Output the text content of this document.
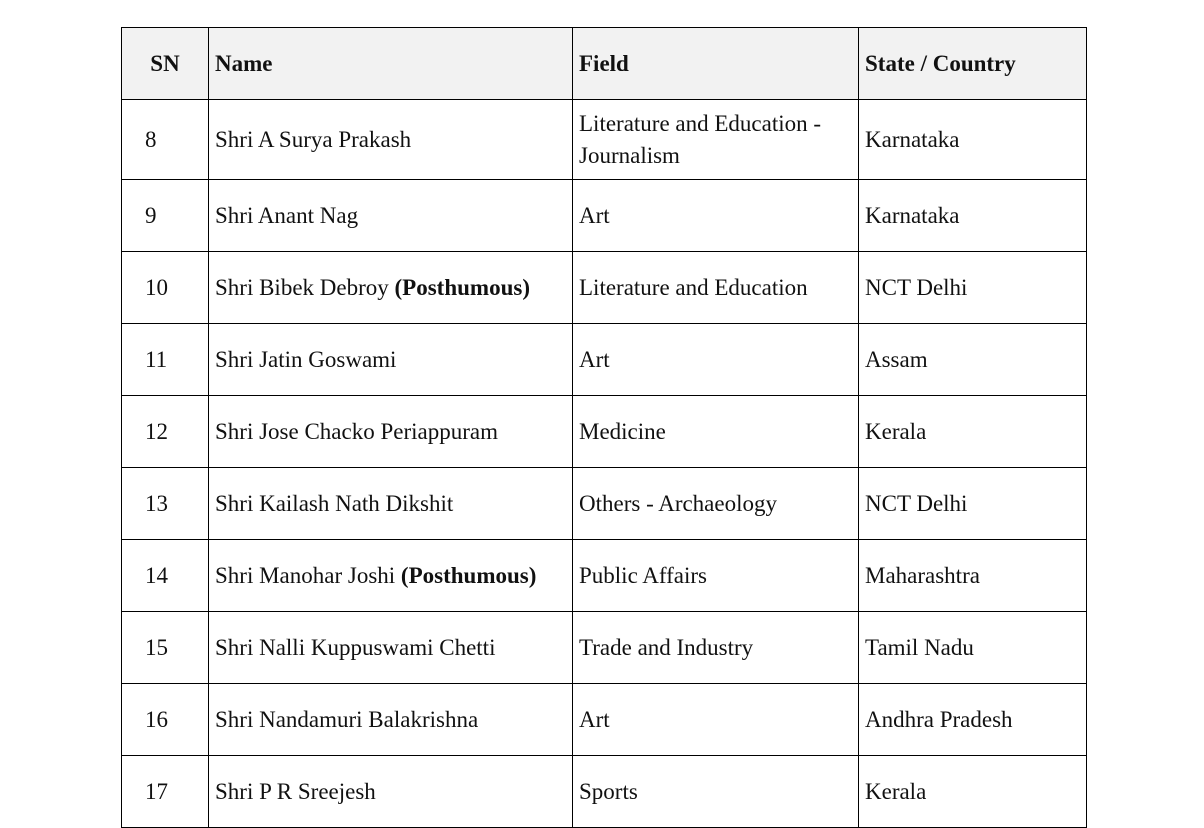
SN	Name	Field	State / Country
8	Shri A Surya Prakash	Literature and Education - Journalism	Karnataka
9	Shri Anant Nag	Art	Karnataka
10	Shri Bibek Debroy (Posthumous)	Literature and Education	NCT Delhi
11	Shri Jatin Goswami	Art	Assam
12	Shri Jose Chacko Periappuram	Medicine	Kerala
13	Shri Kailash Nath Dikshit	Others - Archaeology	NCT Delhi
14	Shri Manohar Joshi (Posthumous)	Public Affairs	Maharashtra
15	Shri Nalli Kuppuswami Chetti	Trade and Industry	Tamil Nadu
16	Shri Nandamuri Balakrishna	Art	Andhra Pradesh
17	Shri P R Sreejesh	Sports	Kerala
